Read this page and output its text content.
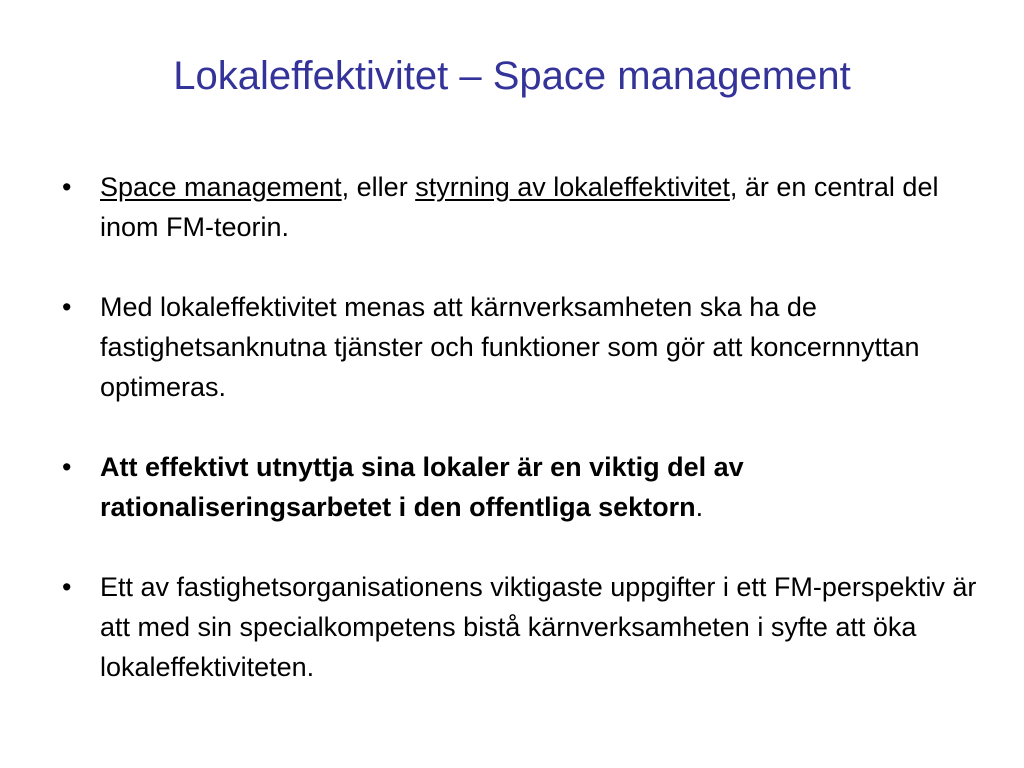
Lokaleffektivitet – Space management
•	Space management, eller styrning av lokaleffektivitet, är en central del inom FM-teorin.
•	Med lokaleffektivitet menas att kärnverksamheten ska ha de fastighetsanknutna tjänster och funktioner som gör att koncernnyttan optimeras.
•	Att effektivt utnyttja sina lokaler är en viktig del av rationaliseringsarbetet i den offentliga sektorn.
•	Ett av fastighetsorganisationens viktigaste uppgifter i ett FM-perspektiv är att med sin specialkompetens bistå kärnverksamheten i syfte att öka lokaleffektiviteten.
